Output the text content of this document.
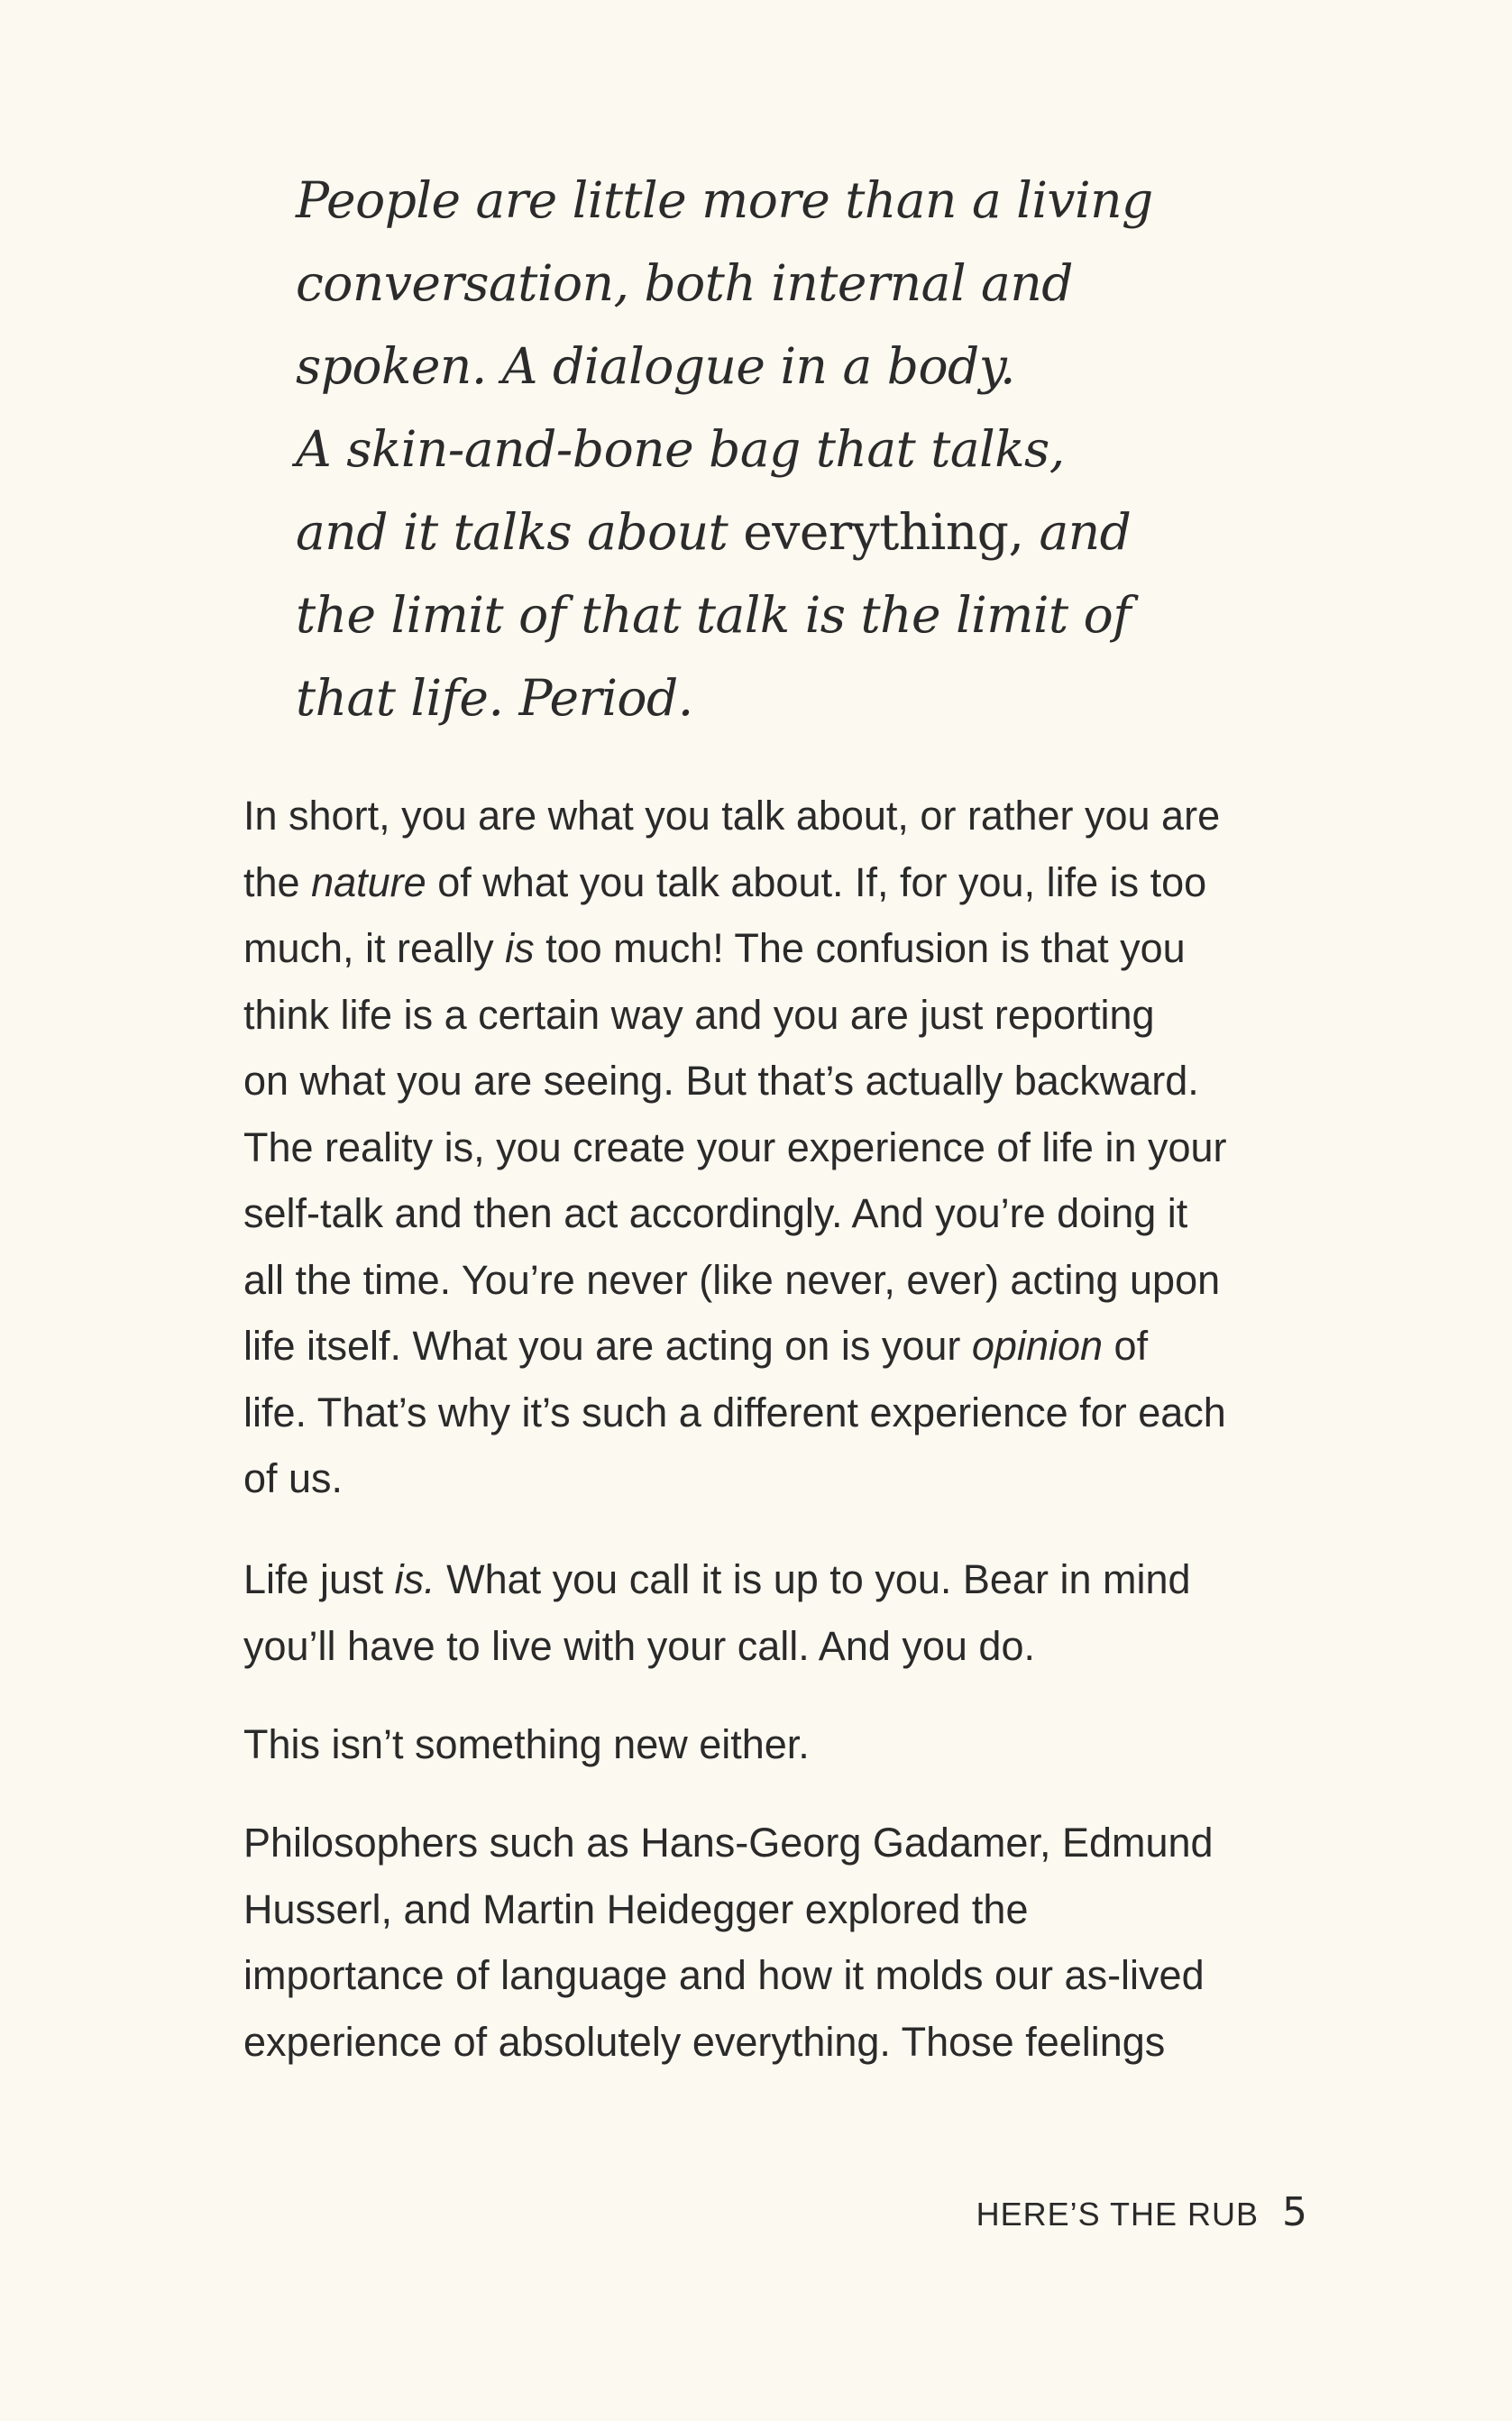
People are little more than a living
conversation, both internal and
spoken. A dialogue in a body.
A skin-and-bone bag that talks,
and it talks about everything, and
the limit of that talk is the limit of
that life. Period.
In short, you are what you talk about, or rather you are
the nature of what you talk about. If, for you, life is too
much, it really is too much! The confusion is that you
think life is a certain way and you are just reporting
on what you are seeing. But that’s actually backward.
The reality is, you create your experience of life in your
self-talk and then act accordingly. And you’re doing it
all the time. You’re never (like never, ever) acting upon
life itself. What you are acting on is your opinion of
life. That’s why it’s such a different experience for each
of us.
Life just is. What you call it is up to you. Bear in mind
you’ll have to live with your call. And you do.
This isn’t something new either.
Philosophers such as Hans-Georg Gadamer, Edmund
Husserl, and Martin Heidegger explored the
importance of language and how it molds our as-lived
experience of absolutely everything. Those feelings
HERE’S THE RUB 5
